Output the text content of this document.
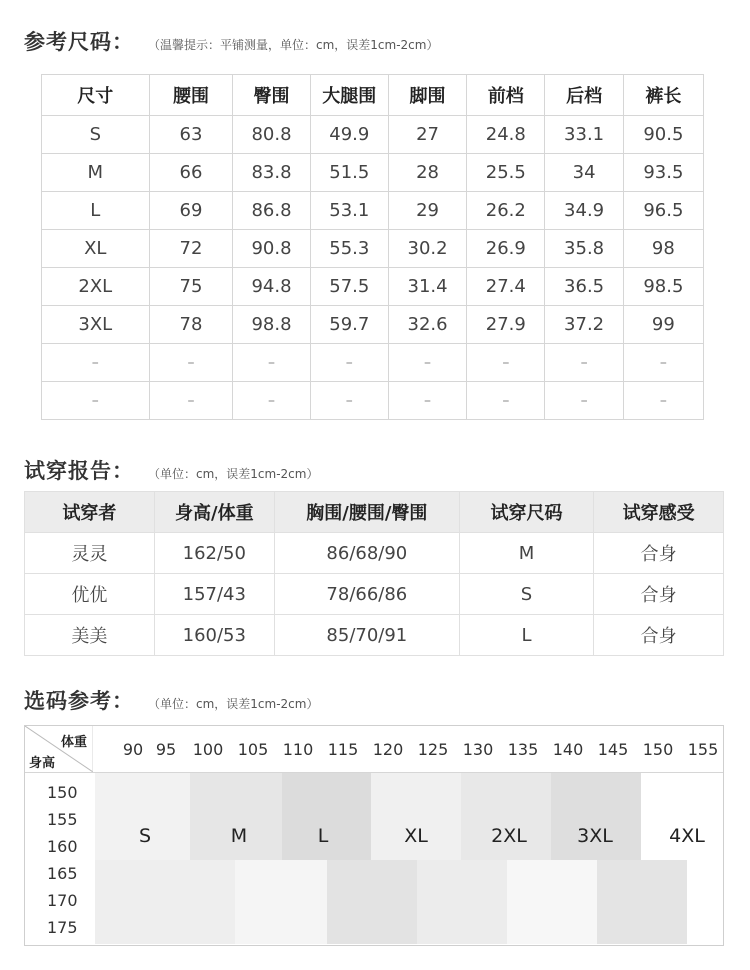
参考尺码： （温馨提示：平铺测量，单位：cm，误差1cm-2cm）
尺寸	腰围	臀围	大腿围	脚围	前档	后档	裤长
S	63	80.8	49.9	27	24.8	33.1	90.5
M	66	83.8	51.5	28	25.5	34	93.5
L	69	86.8	53.1	29	26.2	34.9	96.5
XL	72	90.8	55.3	30.2	26.9	35.8	98
2XL	75	94.8	57.5	31.4	27.4	36.5	98.5
3XL	78	98.8	59.7	32.6	27.9	37.2	99
–	–	–	–	–	–	–	–
–	–	–	–	–	–	–	–
试穿报告： （单位：cm，误差1cm-2cm）
试穿者	身高/体重	胸围/腰围/臀围	试穿尺码	试穿感受
灵灵	162/50	86/68/90	M	合身
优优	157/43	78/66/86	S	合身
美美	160/53	85/70/91	L	合身
选码参考： （单位：cm，误差1cm-2cm）
体重
身高
90 95 100 105 110 115 120 125 130 135 140 145 150 155
150
155
160
165
170
175
S	M	L	XL	2XL	3XL	4XL
